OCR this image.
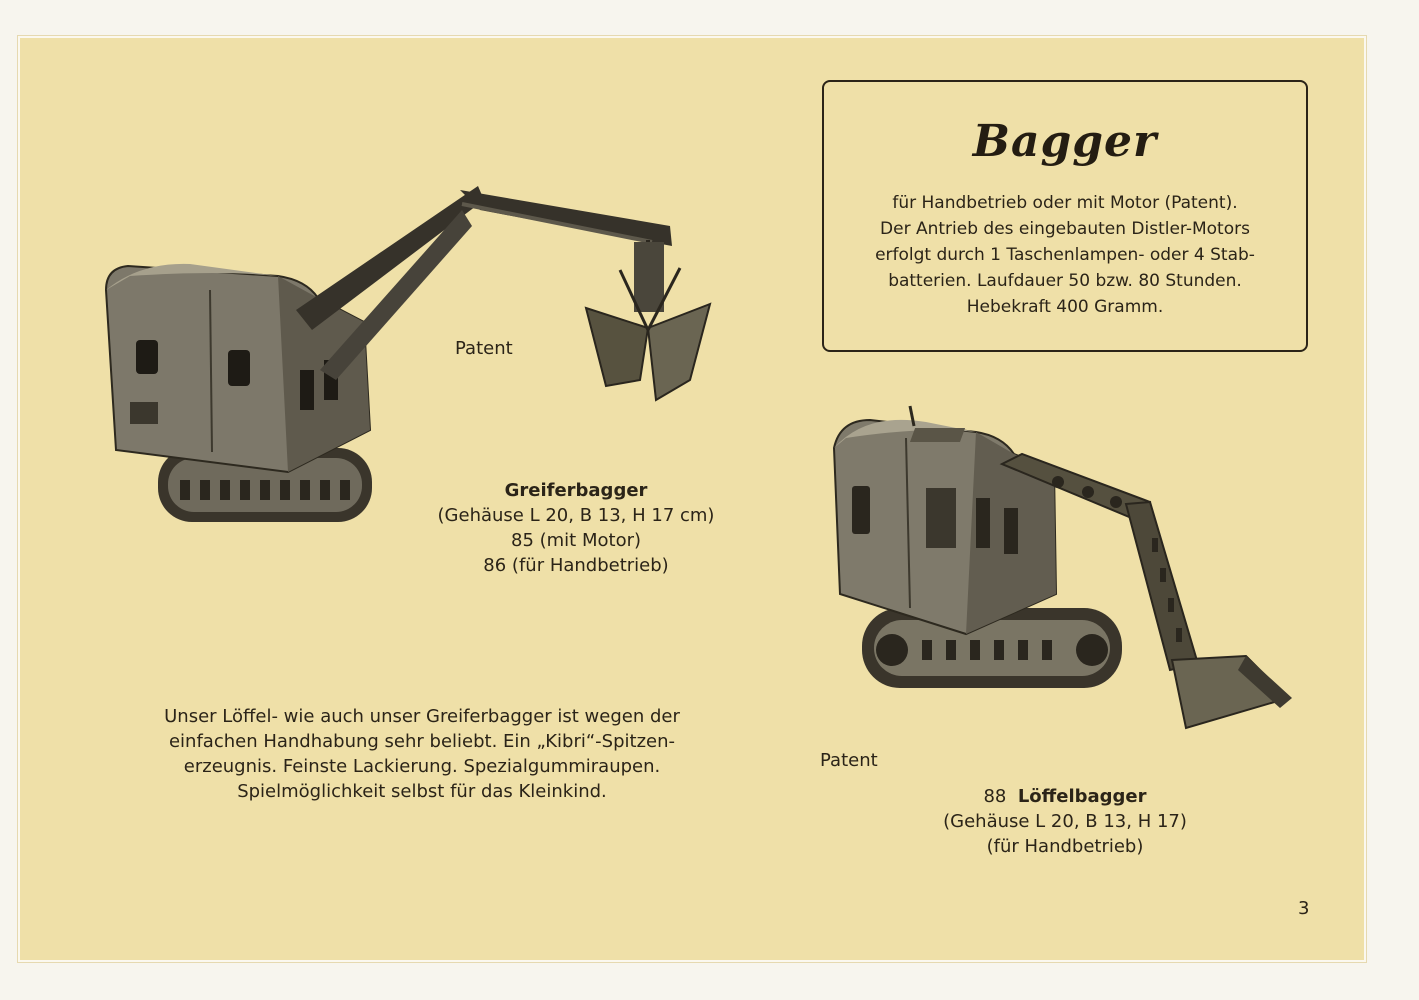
Bagger
für Handbetrieb oder mit Motor (Patent).
Der Antrieb des eingebauten Distler-Motors
erfolgt durch 1 Taschenlampen- oder 4 Stab-
batterien. Laufdauer 50 bzw. 80 Stunden.
Hebekraft 400 Gramm.
Patent
Greiferbagger
(Gehäuse L 20, B 13, H 17 cm)
85 (mit Motor)
86 (für Handbetrieb)
Unser Löffel- wie auch unser Greiferbagger ist wegen der
einfachen Handhabung sehr beliebt. Ein „Kibri“-Spitzen-
erzeugnis. Feinste Lackierung. Spezialgummiraupen.
Spielmöglichkeit selbst für das Kleinkind.
Patent
88 Löffelbagger
(Gehäuse L 20, B 13, H 17)
(für Handbetrieb)
3
